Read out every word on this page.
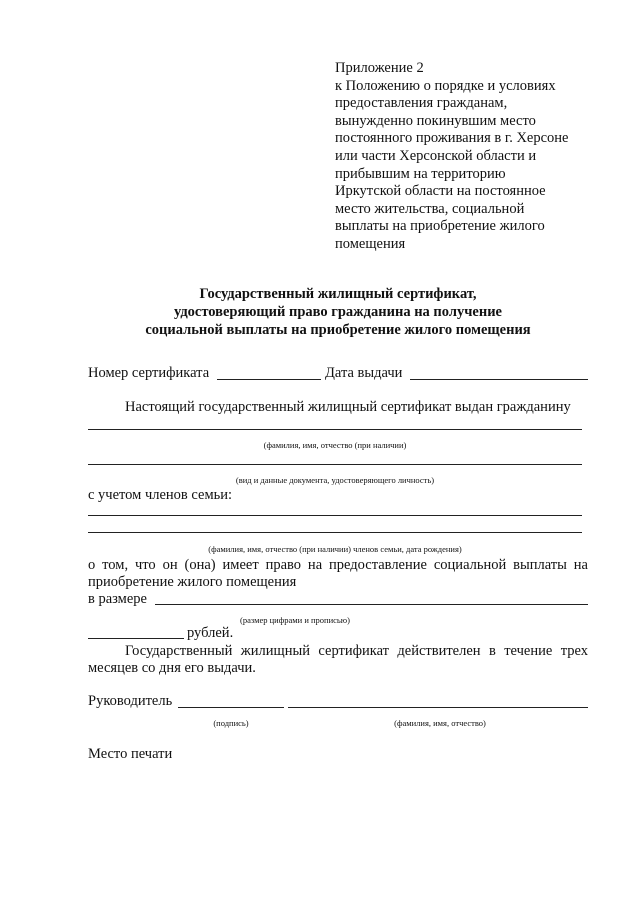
Приложение 2
к Положению о порядке и условиях
предоставления гражданам,
вынужденно покинувшим место
постоянного проживания в г. Херсоне
или части Херсонской области и
прибывшим на территорию
Иркутской области на постоянное
место жительства, социальной
выплаты на приобретение жилого
помещения
Государственный жилищный сертификат,
удостоверяющий право гражданина на получение
социальной выплаты на приобретение жилого помещения
Номер сертификата	Дата выдачи
Настоящий государственный жилищный сертификат выдан гражданину
(фамилия, имя, отчество (при наличии)
(вид и данные документа, удостоверяющего личность)
с учетом членов семьи:
(фамилия, имя, отчество (при наличии) членов семьи, дата рождения)
о том, что он (она) имеет право на предоставление социальной выплаты на
приобретение жилого помещения
в размере
(размер цифрами и прописью)
рублей.
Государственный жилищный сертификат действителен в течение трех
месяцев со дня его выдачи.
Руководитель
(подпись)	(фамилия, имя, отчество)
Место печати
